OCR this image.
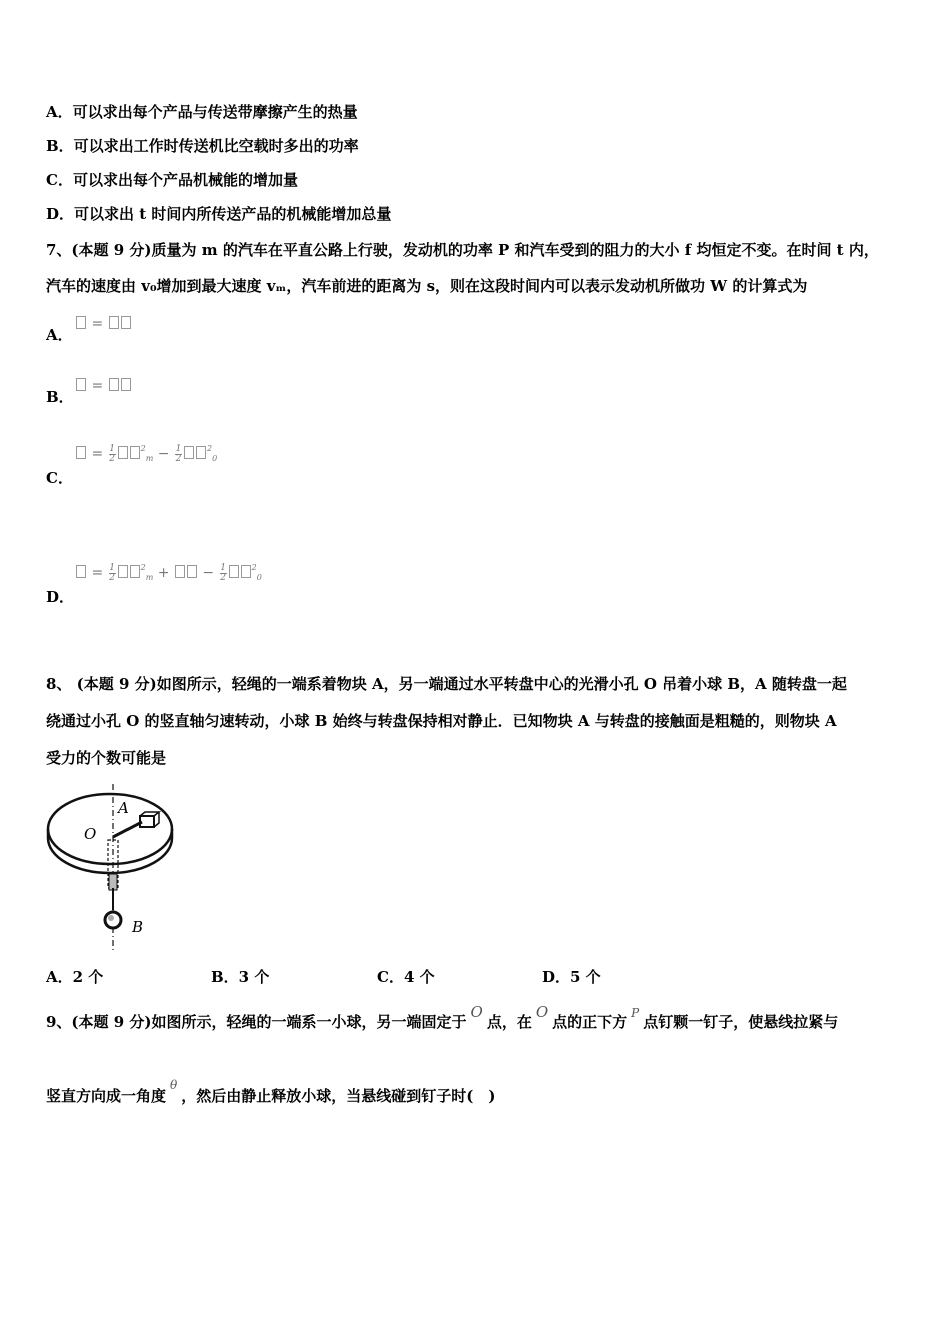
A．可以求出每个产品与传送带摩擦产生的热量
B．可以求出工作时传送机比空载时多出的功率
C．可以求出每个产品机械能的增加量
D．可以求出 t 时间内所传送产品的机械能增加总量
7、(本题 9 分)质量为 m 的汽车在平直公路上行驶，发动机的功率 P 和汽车受到的阻力的大小 f 均恒定不变。在时间 t 内，
汽车的速度由 v₀增加到最大速度 vₘ，汽车前进的距离为 s，则在这段时间内可以表示发动机所做功 W 的计算式为
A．
=
B．
=
C．
= $\frac{1}{2}$	$^2_m - \frac{1}{2}$	$^2_0$
D．
= $\frac{1}{2}$	$^2_m$ + − $\frac{1}{2}$	$^2_0$
8、 (本题 9 分)如图所示，轻绳的一端系着物块 A，另一端通过水平转盘中心的光滑小孔 O 吊着小球 B，A 随转盘一起
绕通过小孔 O 的竖直轴匀速转动，小球 B 始终与转盘保持相对静止．已知物块 A 与转盘的接触面是粗糙的，则物块 A
受力的个数可能是
A
O
B
A．2 个	B．3 个	C．4 个	D．5 个
9、(本题 9 分)如图所示，轻绳的一端系一小球，另一端固定于O点，在O点的正下方 $^P$ 点钉颗一钉子，使悬线拉紧与
竖直方向成一角度$^\theta$，然后由静止释放小球，当悬线碰到钉子时(　)
